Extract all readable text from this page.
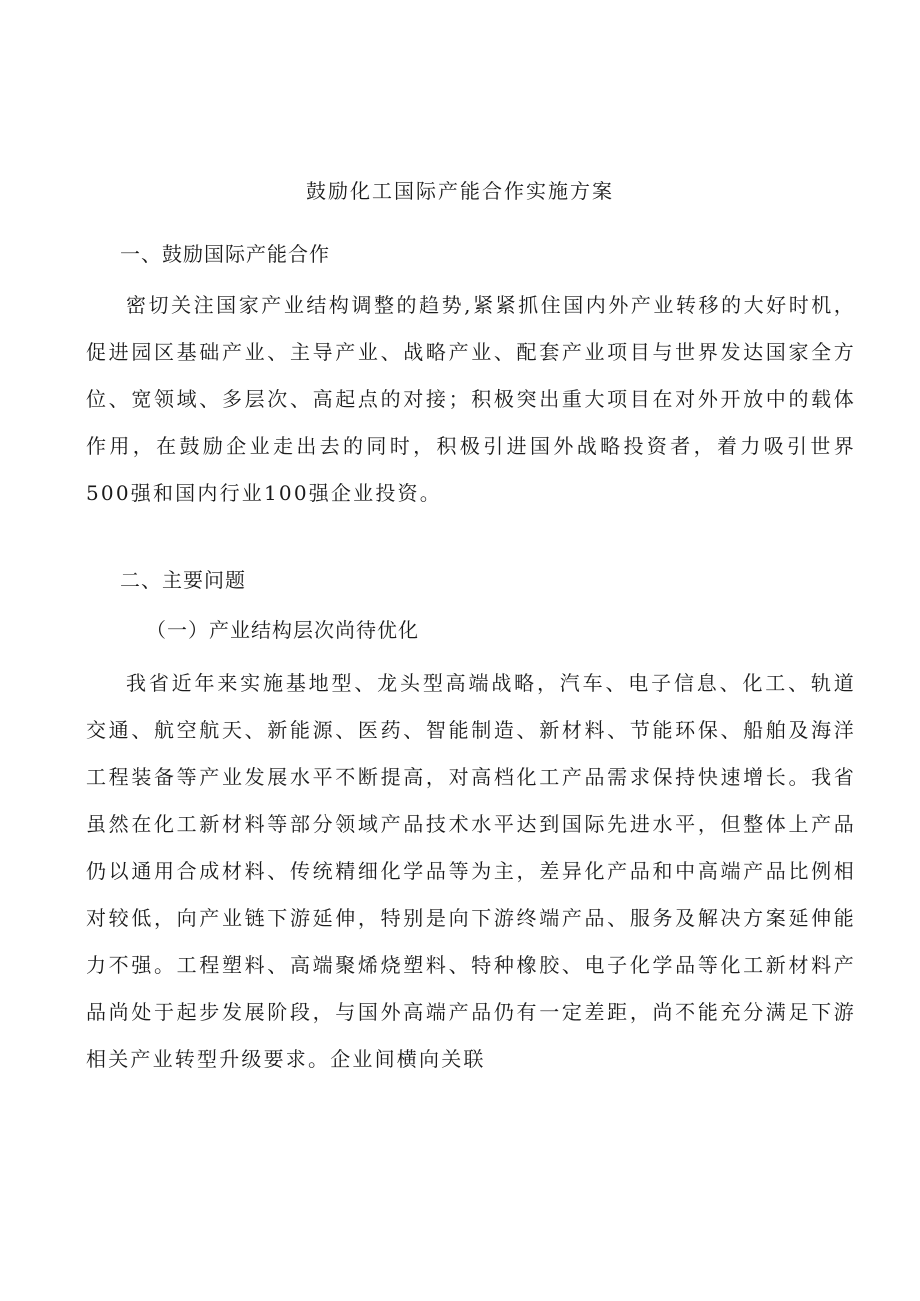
鼓励化工国际产能合作实施方案
一、鼓励国际产能合作

密切关注国家产业结构调整的趋势,紧紧抓住国内外产业转移的大好时机，促进园区基础产业、主导产业、战略产业、配套产业项目与世界发达国家全方位、宽领域、多层次、高起点的对接；积极突出重大项目在对外开放中的载体作用，在鼓励企业走出去的同时，积极引进国外战略投资者，着力吸引世界500强和国内行业100强企业投资。

二、主要问题
（一）产业结构层次尚待优化

我省近年来实施基地型、龙头型高端战略，汽车、电子信息、化工、轨道交通、航空航天、新能源、医药、智能制造、新材料、节能环保、船舶及海洋工程装备等产业发展水平不断提高，对高档化工产品需求保持快速增长。我省虽然在化工新材料等部分领域产品技术水平达到国际先进水平，但整体上产品仍以通用合成材料、传统精细化学品等为主，差异化产品和中高端产品比例相对较低，向产业链下游延伸，特别是向下游终端产品、服务及解决方案延伸能力不强。工程塑料、高端聚烯烧塑料、特种橡胶、电子化学品等化工新材料产品尚处于起步发展阶段，与国外高端产品仍有一定差距，尚不能充分满足下游相关产业转型升级要求。企业间横向关联
